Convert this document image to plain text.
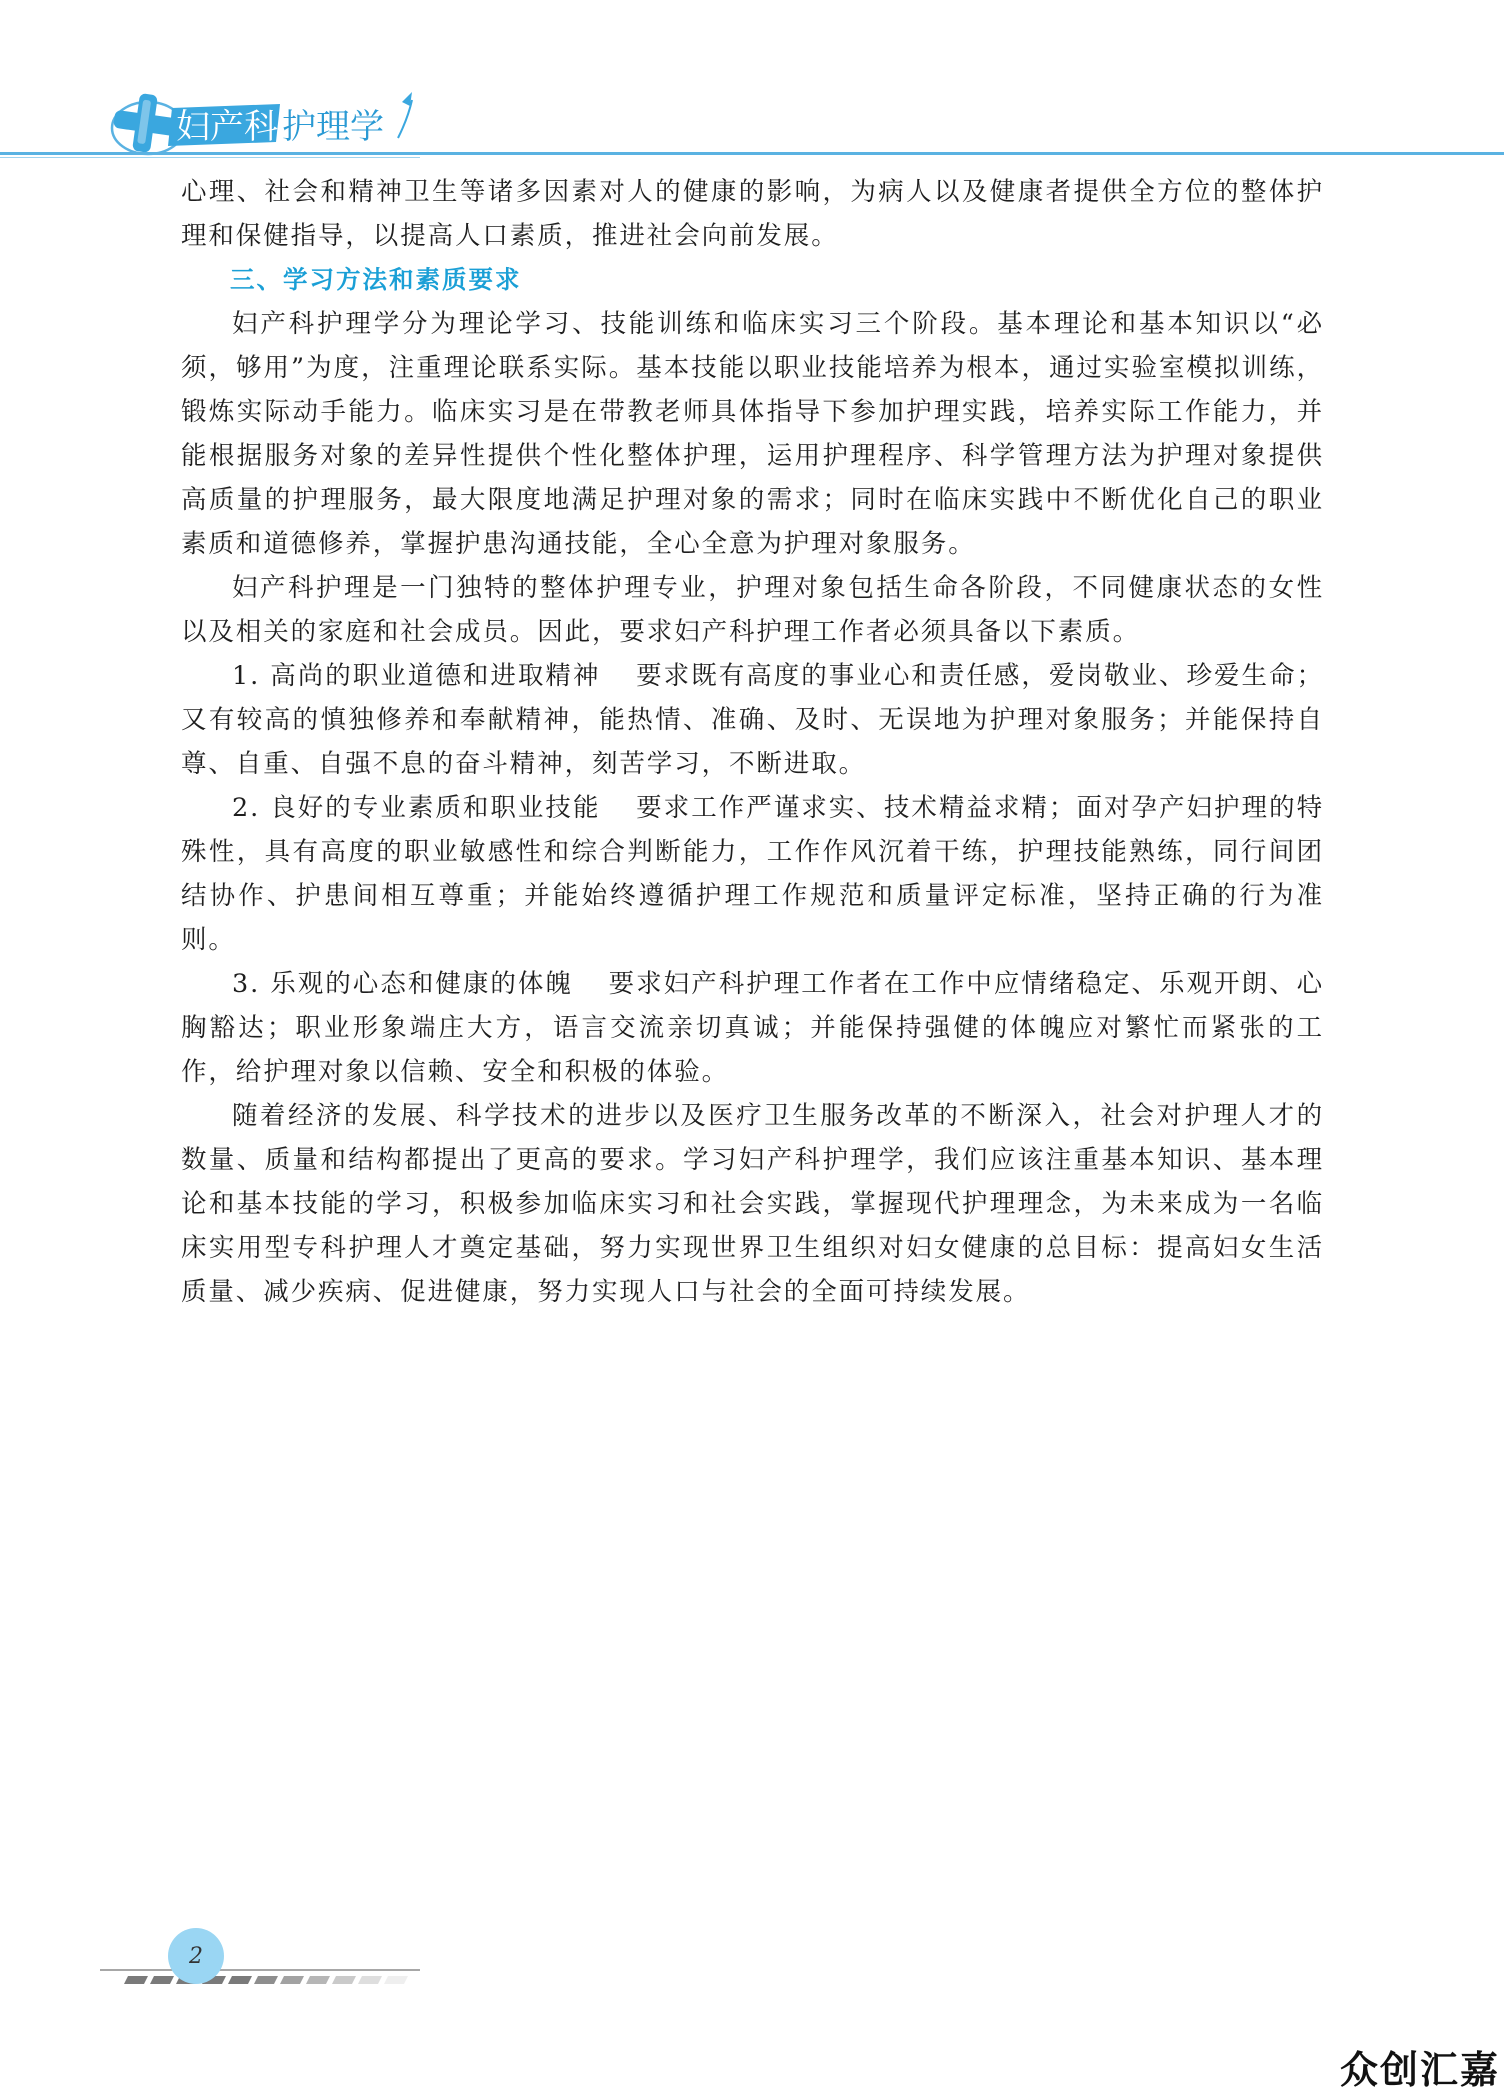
妇产科 护理学

心理、社会和精神卫生等诸多因素对人的健康的影响，为病人以及健康者提供全方位的整体护理和保健指导，以提高人口素质，推进社会向前发展。

三、学习方法和素质要求

妇产科护理学分为理论学习、技能训练和临床实习三个阶段。基本理论和基本知识以“必须，够用”为度，注重理论联系实际。基本技能以职业技能培养为根本，通过实验室模拟训练，锻炼实际动手能力。临床实习是在带教老师具体指导下参加护理实践，培养实际工作能力，并能根据服务对象的差异性提供个性化整体护理，运用护理程序、科学管理方法为护理对象提供高质量的护理服务，最大限度地满足护理对象的需求；同时在临床实践中不断优化自己的职业素质和道德修养，掌握护患沟通技能，全心全意为护理对象服务。

妇产科护理是一门独特的整体护理专业，护理对象包括生命各阶段，不同健康状态的女性以及相关的家庭和社会成员。因此，要求妇产科护理工作者必须具备以下素质。

1. 高尚的职业道德和进取精神 要求既有高度的事业心和责任感，爱岗敬业、珍爱生命；又有较高的慎独修养和奉献精神，能热情、准确、及时、无误地为护理对象服务；并能保持自尊、自重、自强不息的奋斗精神，刻苦学习，不断进取。

2. 良好的专业素质和职业技能 要求工作严谨求实、技术精益求精；面对孕产妇护理的特殊性，具有高度的职业敏感性和综合判断能力，工作作风沉着干练，护理技能熟练，同行间团结协作、护患间相互尊重；并能始终遵循护理工作规范和质量评定标准，坚持正确的行为准则。

3. 乐观的心态和健康的体魄 要求妇产科护理工作者在工作中应情绪稳定、乐观开朗、心胸豁达；职业形象端庄大方，语言交流亲切真诚；并能保持强健的体魄应对繁忙而紧张的工作，给护理对象以信赖、安全和积极的体验。

随着经济的发展、科学技术的进步以及医疗卫生服务改革的不断深入，社会对护理人才的数量、质量和结构都提出了更高的要求。学习妇产科护理学，我们应该注重基本知识、基本理论和基本技能的学习，积极参加临床实习和社会实践，掌握现代护理理念，为未来成为一名临床实用型专科护理人才奠定基础，努力实现世界卫生组织对妇女健康的总目标：提高妇女生活质量、减少疾病、促进健康，努力实现人口与社会的全面可持续发展。

2
众创汇嘉
